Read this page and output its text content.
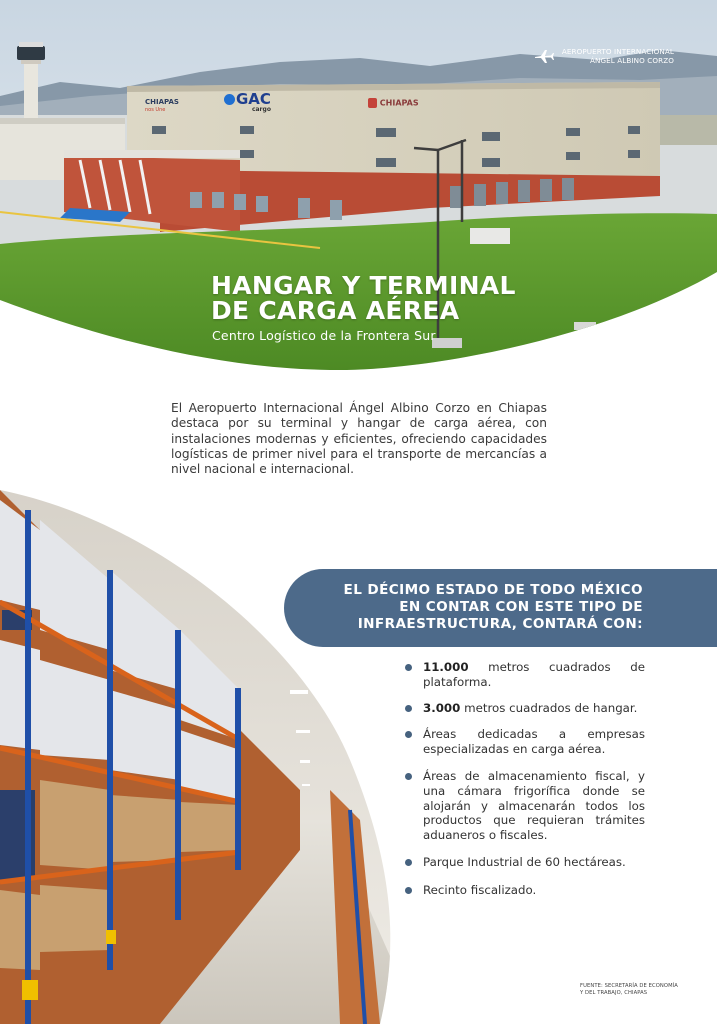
CHIAPAS
nos Une
GAC
cargo
CHIAPAS
AEROPUERTO INTERNACIONAL
ÁNGEL ALBINO CORZO
HANGAR Y TERMINAL
DE CARGA AÉREA

Centro Logístico de la Frontera Sur

El Aeropuerto Internacional Ángel Albino Corzo en Chiapas destaca por su terminal y hangar de carga aérea, con instalaciones modernas y eficientes, ofreciendo capacidades logísticas de primer nivel para el transporte de mercancías a nivel nacional e internacional.

EL DÉCIMO ESTADO DE TODO MÉXICO
EN CONTAR CON ESTE TIPO DE
INFRAESTRUCTURA, CONTARÁ CON:
11.000 metros cuadrados de plataforma.
3.000 metros cuadrados de hangar.
Áreas dedicadas a empresas especializadas en carga aérea.
Áreas de almacenamiento fiscal, y una cámara frigorífica donde se alojarán y almacenarán todos los productos que requieran trámites aduaneros o fiscales.
Parque Industrial de 60 hectáreas.
Recinto fiscalizado.

FUENTE: SECRETARÍA DE ECONOMÍA
Y DEL TRABAJO, CHIAPAS
